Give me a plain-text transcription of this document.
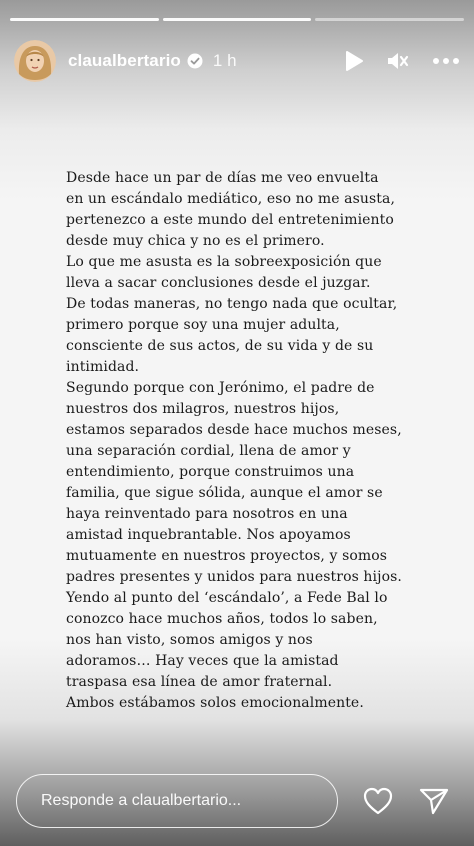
claualbertario 1 h

Desde hace un par de días me veo envuelta

en un escándalo mediático, eso no me asusta,

pertenezco a este mundo del entretenimiento

desde muy chica y no es el primero.

Lo que me asusta es la sobreexposición que

lleva a sacar conclusiones desde el juzgar.

De todas maneras, no tengo nada que ocultar,

primero porque soy una mujer adulta,

consciente de sus actos, de su vida y de su

intimidad.

Segundo porque con Jerónimo, el padre de

nuestros dos milagros, nuestros hijos,

estamos separados desde hace muchos meses,

una separación cordial, llena de amor y

entendimiento, porque construimos una

familia, que sigue sólida, aunque el amor se

haya reinventado para nosotros en una

amistad inquebrantable. Nos apoyamos

mutuamente en nuestros proyectos, y somos

padres presentes y unidos para nuestros hijos.

Yendo al punto del ‘escándalo’, a Fede Bal lo

conozco hace muchos años, todos lo saben,

nos han visto, somos amigos y nos

adoramos… Hay veces que la amistad

traspasa esa línea de amor fraternal.

Ambos estábamos solos emocionalmente.

Responde a claualbertario...
